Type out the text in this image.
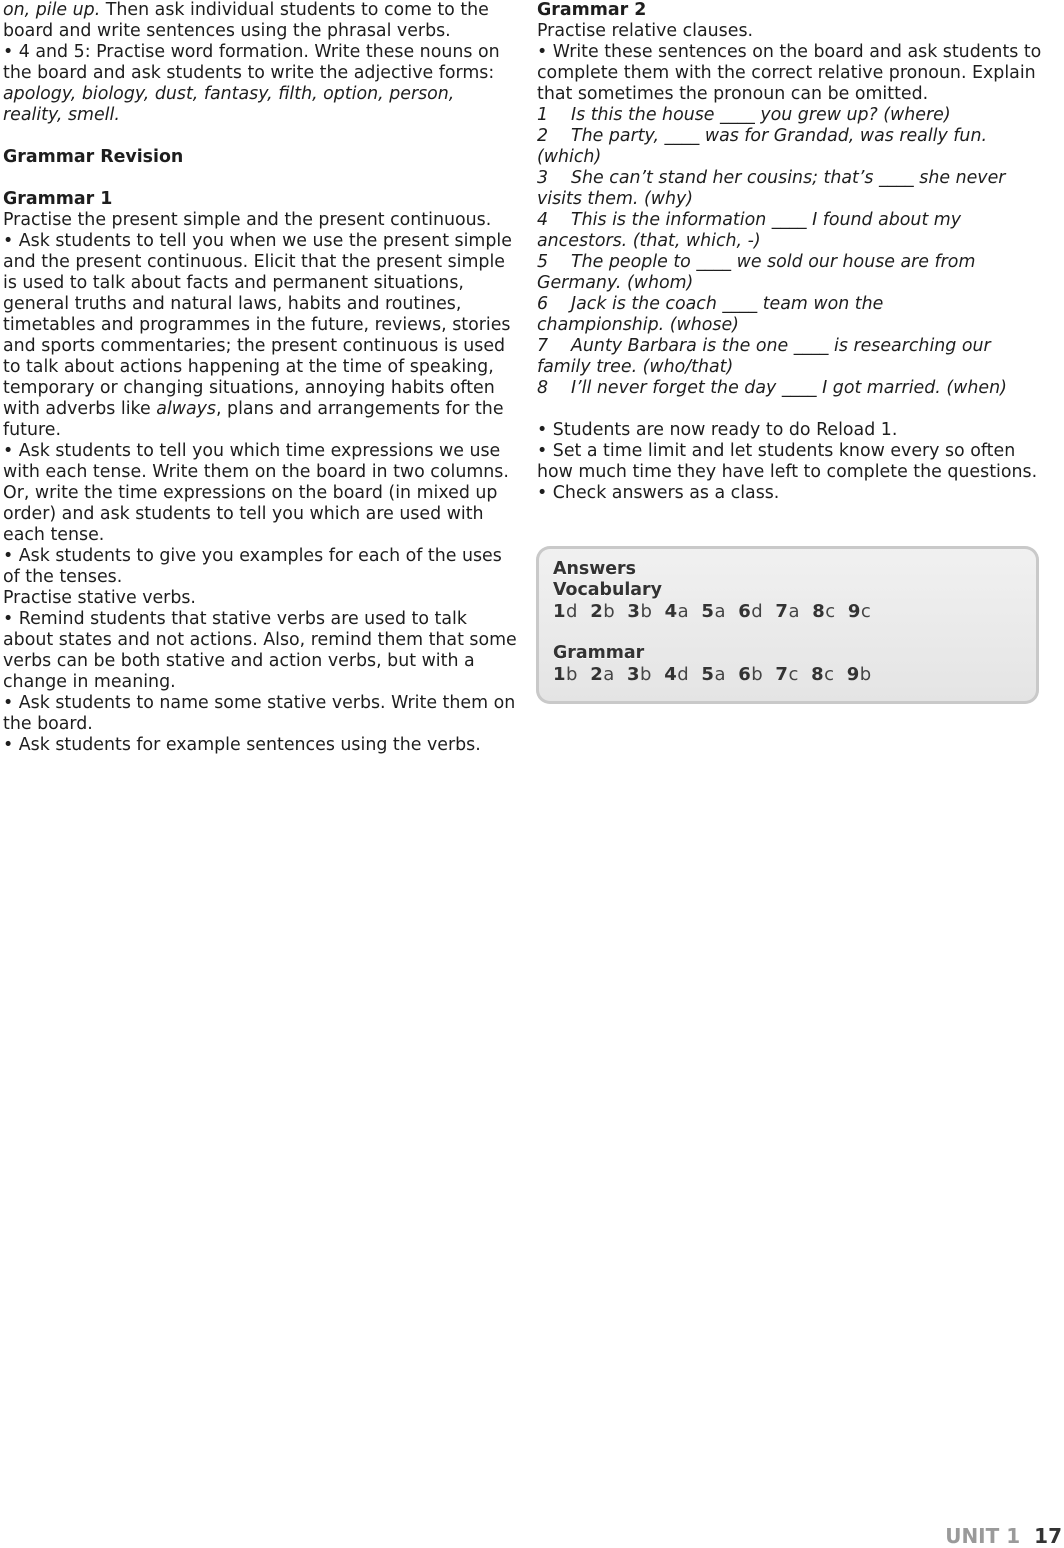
on, pile up. Then ask individual students to come to the board and write sentences using the phrasal verbs.

• 4 and 5: Practise word formation. Write these nouns on the board and ask students to write the adjective forms: apology, biology, dust, fantasy, filth, option, person, reality, smell.

Grammar Revision

Grammar 1

Practise the present simple and the present continuous.

• Ask students to tell you when we use the present simple and the present continuous. Elicit that the present simple is used to talk about facts and permanent situations, general truths and natural laws, habits and routines, timetables and programmes in the future, reviews, stories and sports commentaries; the present continuous is used to talk about actions happening at the time of speaking, temporary or changing situations, annoying habits often with adverbs like always, plans and arrangements for the future.

• Ask students to tell you which time expressions we use with each tense. Write them on the board in two columns. Or, write the time expressions on the board (in mixed up order) and ask students to tell you which are used with each tense.

• Ask students to give you examples for each of the uses of the tenses.

Practise stative verbs.

• Remind students that stative verbs are used to talk about states and not actions. Also, remind them that some verbs can be both stative and action verbs, but with a change in meaning.

• Ask students to name some stative verbs. Write them on the board.

• Ask students for example sentences using the verbs.

Grammar 2

Practise relative clauses.

• Write these sentences on the board and ask students to complete them with the correct relative pronoun. Explain that sometimes the pronoun can be omitted.

1 Is this the house ____ you grew up? (where)

2 The party, ____ was for Grandad, was really fun.

(which)

3 She can’t stand her cousins; that’s ____ she never

visits them. (why)

4 This is the information ____ I found about my

ancestors. (that, which, -)

5 The people to ____ we sold our house are from

Germany. (whom)

6 Jack is the coach ____ team won the

championship. (whose)

7 Aunty Barbara is the one ____ is researching our

family tree. (who/that)

8 I’ll never forget the day ____ I got married. (when)

• Students are now ready to do Reload 1.

• Set a time limit and let students know every so often how much time they have left to complete the questions.

• Check answers as a class.

Answers

Vocabulary

1d 2b 3b 4a 5a 6d 7a 8c 9c

Grammar

1b 2a 3b 4d 5a 6b 7c 8c 9b

UNIT 1 17
